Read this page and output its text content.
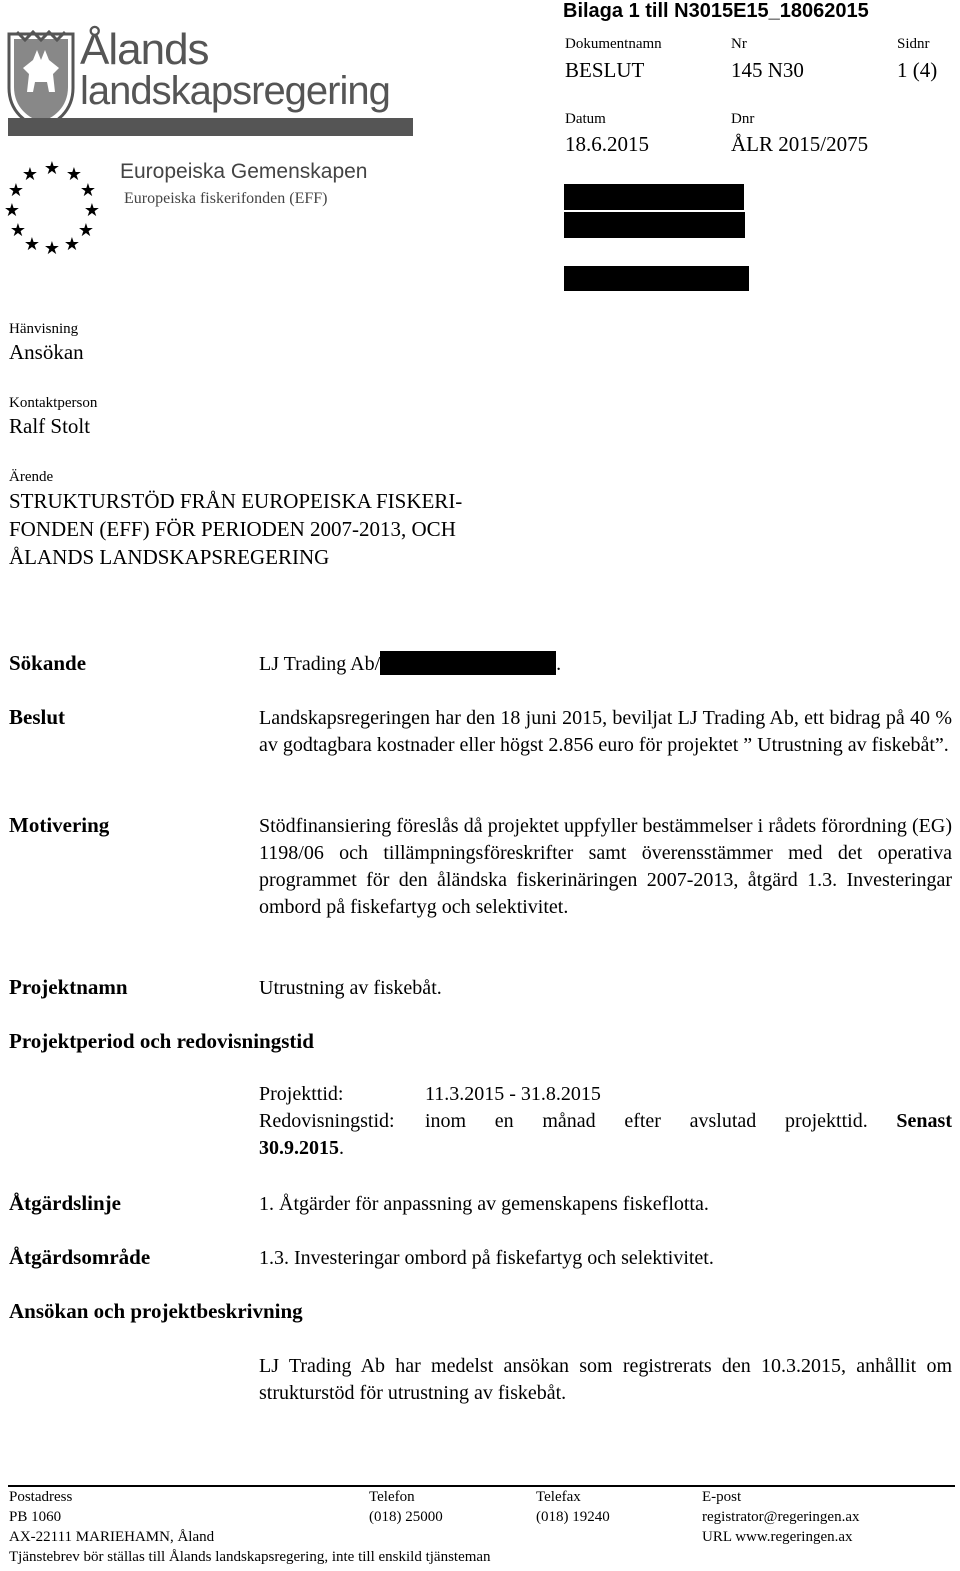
Ålands
landskapsregering
★ ★
★
★
★
★
★
★
★
★
★
★	Europeiska Gemenskapen
Europeiska fiskerifonden (EFF)
Bilaga 1 till N3015E15_18062015
Dokumentnamn
BESLUT
Nr
145 N30
Sidnr
1 (4)
Datum
18.6.2015
Dnr
ÅLR 2015/2075
Hänvisning
Ansökan
Kontaktperson
Ralf Stolt
Ärende
STRUKTURSTÖD FRÅN EUROPEISKA FISKERI-
FONDEN (EFF) FÖR PERIODEN 2007-2013, OCH
ÅLANDS LANDSKAPSREGERING
Sökande	LJ Trading Ab/	.
Beslut	Landskapsregeringen har den 18 juni 2015, beviljat LJ Trading Ab, ett bidrag på 40 % av godtagbara kostnader eller högst 2.856 euro för projektet ” Utrustning av fiskebåt”.
Motivering	Stödfinansiering föreslås då projektet uppfyller bestämmelser i rådets förordning (EG) 1198/06 och tillämpningsföreskrifter samt överensstämmer med det operativa programmet för den åländska fiskerinäringen 2007-2013, åtgärd 1.3. Investeringar ombord på fiskefartyg och selektivitet.
Projektnamn	Utrustning av fiskebåt.
Projektperiod och redovisningstid
Projekttid:	11.3.2015 - 31.8.2015
Redovisningstid: inom en månad efter avslutad projekttid. Senast
30.9.2015.
Åtgärdslinje	1. Åtgärder för anpassning av gemenskapens fiskeflotta.
Åtgärdsområde	1.3. Investeringar ombord på fiskefartyg och selektivitet.
Ansökan och projektbeskrivning
LJ Trading Ab har medelst ansökan som registrerats den 10.3.2015, anhållit om strukturstöd för utrustning av fiskebåt.
Postadress
PB 1060
AX-22111 MARIEHAMN, Åland
Telefon
(018) 25000
Telefax
(018) 19240
E-post
registrator@regeringen.ax
URL www.regeringen.ax
Tjänstebrev bör ställas till Ålands landskapsregering, inte till enskild tjänsteman
